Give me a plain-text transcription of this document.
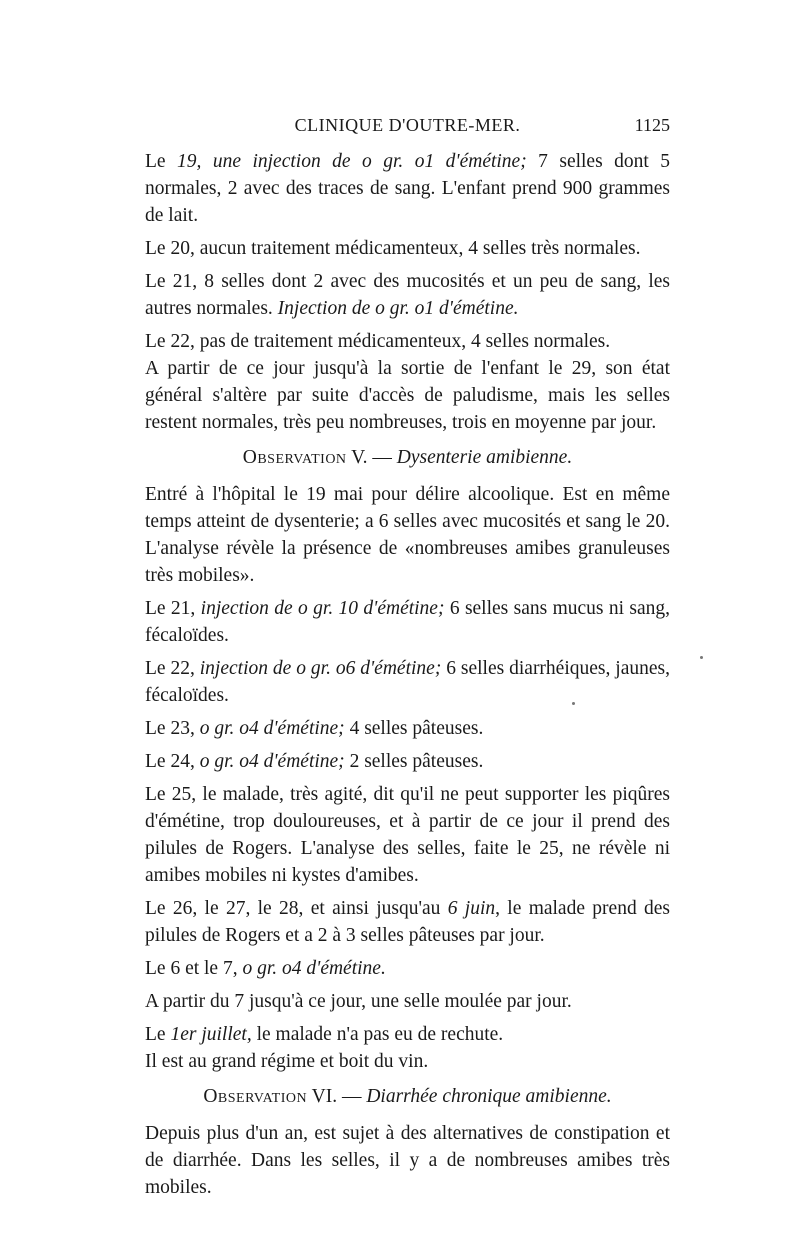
CLINIQUE D'OUTRE-MER.	1125

Le 19, une injection de o gr. o1 d'émétine; 7 selles dont 5 normales, 2 avec des traces de sang. L'enfant prend 900 grammes de lait.

Le 20, aucun traitement médicamenteux, 4 selles très normales.

Le 21, 8 selles dont 2 avec des mucosités et un peu de sang, les autres normales. Injection de o gr. o1 d'émétine.

Le 22, pas de traitement médicamenteux, 4 selles normales.

A partir de ce jour jusqu'à la sortie de l'enfant le 29, son état général s'altère par suite d'accès de paludisme, mais les selles restent normales, très peu nombreuses, trois en moyenne par jour.

Observation V. — Dysenterie amibienne.

Entré à l'hôpital le 19 mai pour délire alcoolique. Est en même temps atteint de dysenterie; a 6 selles avec mucosités et sang le 20. L'analyse révèle la présence de «nombreuses amibes granuleuses très mobiles».

Le 21, injection de o gr. 10 d'émétine; 6 selles sans mucus ni sang, fécaloïdes.

Le 22, injection de o gr. o6 d'émétine; 6 selles diarrhéiques, jaunes, fécaloïdes.

Le 23, o gr. o4 d'émétine; 4 selles pâteuses.

Le 24, o gr. o4 d'émétine; 2 selles pâteuses.

Le 25, le malade, très agité, dit qu'il ne peut supporter les piqûres d'émétine, trop douloureuses, et à partir de ce jour il prend des pilules de Rogers. L'analyse des selles, faite le 25, ne révèle ni amibes mobiles ni kystes d'amibes.

Le 26, le 27, le 28, et ainsi jusqu'au 6 juin, le malade prend des pilules de Rogers et a 2 à 3 selles pâteuses par jour.

Le 6 et le 7, o gr. o4 d'émétine.

A partir du 7 jusqu'à ce jour, une selle moulée par jour.

Le 1er juillet, le malade n'a pas eu de rechute.

Il est au grand régime et boit du vin.

Observation VI. — Diarrhée chronique amibienne.

Depuis plus d'un an, est sujet à des alternatives de constipation et de diarrhée. Dans les selles, il y a de nombreuses amibes très mobiles.
